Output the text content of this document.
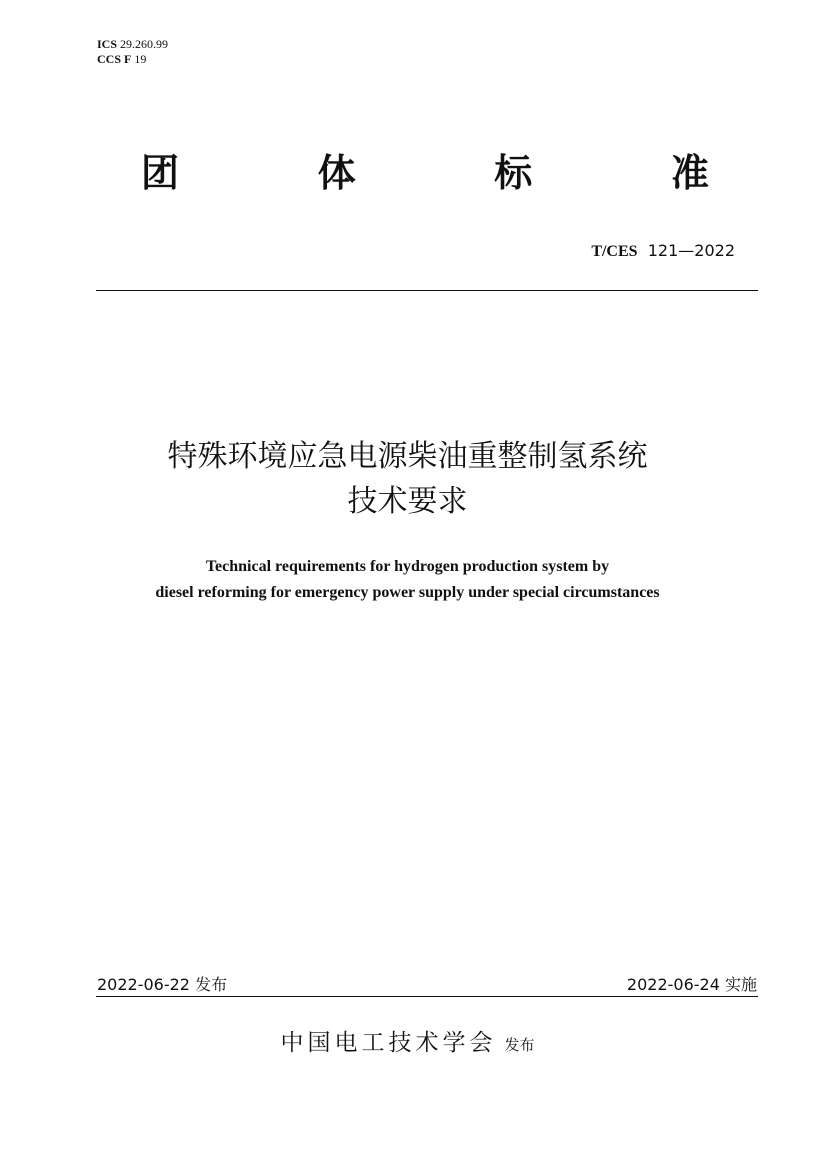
ICS 29.260.99
CCS F 19
团	体	标	准
T/CES 121—2022
特殊环境应急电源柴油重整制氢系统
技术要求
Technical requirements for hydrogen production system by
diesel reforming for emergency power supply under special circumstances
2022-06-22 发布	2022-06-24 实施
中国电工技术学会 发布
